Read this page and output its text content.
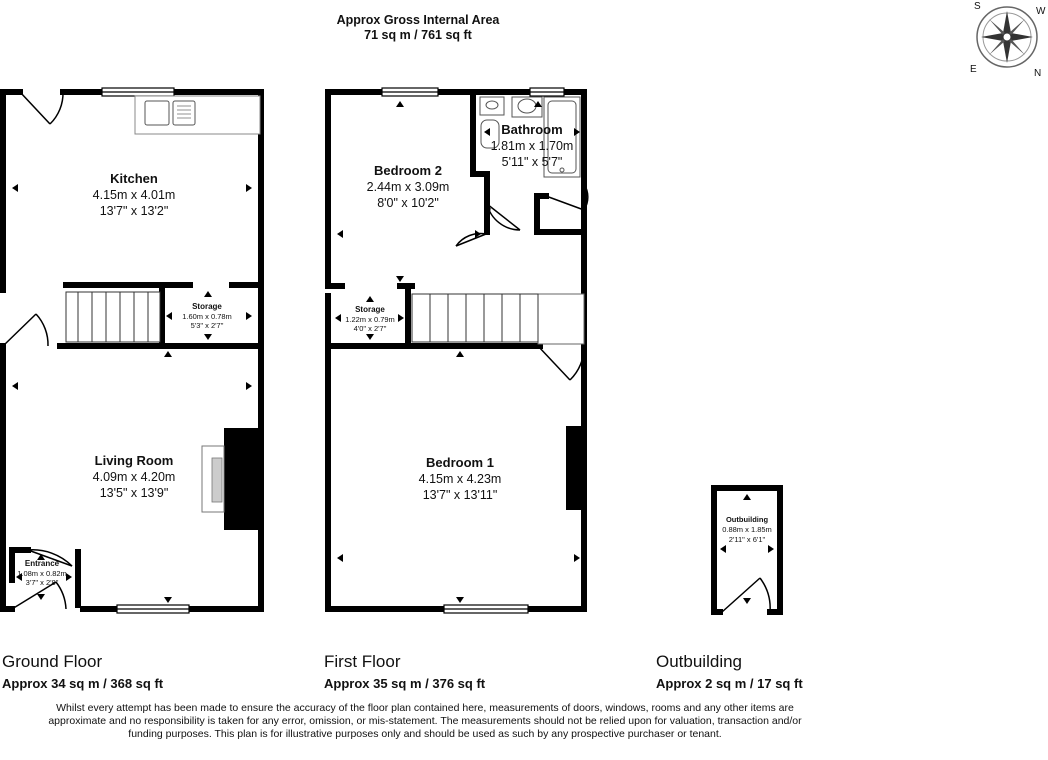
Approx Gross Internal Area
71 sq m / 761 sq ft
S	W
E	N
Kitchen
4.15m x 4.01m
13'7" x 13'2"
Storage
1.60m x 0.78m
5'3" x 2'7"
Living Room
4.09m x 4.20m
13'5" x 13'9"
Entrance
1.08m x 0.82m
3'7" x 2'8"
Bedroom 2
2.44m x 3.09m
8'0" x 10'2"
Bathroom
1.81m x 1.70m
5'11" x 5'7"
Storage
1.22m x 0.79m
4'0" x 2'7"
Bedroom 1
4.15m x 4.23m
13'7" x 13'11"
Outbuilding
0.88m x 1.85m
2'11" x 6'1"
Ground Floor
Approx 34 sq m / 368 sq ft
First Floor
Approx 35 sq m / 376 sq ft
Outbuilding
Approx 2 sq m / 17 sq ft
Whilst every attempt has been made to ensure the accuracy of the floor plan contained here, measurements of doors, windows, rooms and any other items are approximate and no responsibility is taken for any error, omission, or mis-statement. The measurements should not be relied upon for valuation, transaction and/or funding purposes. This plan is for illustrative purposes only and should be used as such by any prospective purchaser or tenant.
